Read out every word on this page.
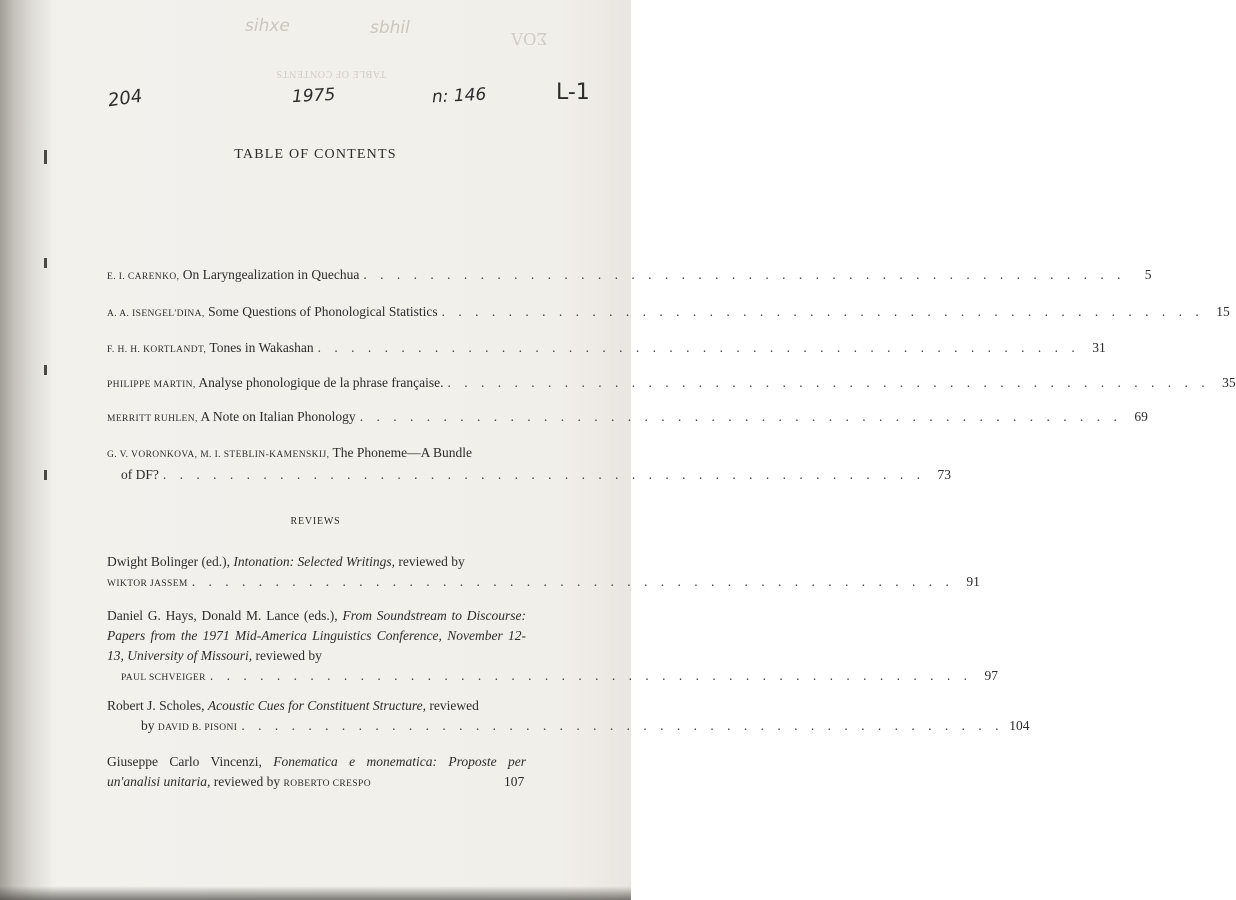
ΣΟΛ
TABLE OF CONTENTS
sihxe	sbhil
204	1975	n: 146	L-1
TABLE OF CONTENTS
E. I. CARENKO, On Laryngealization in Quechua . . .	5
A. A. ISENGEL'DINA, Some Questions of Phonological Statistics . . .	15
F. H. H. KORTLANDT, Tones in Wakashan . . .	31
PHILIPPE MARTIN, Analyse phonologique de la phrase française. . . .	35
MERRITT RUHLEN, A Note on Italian Phonology . . .	69
G. V. VORONKOVA, M. I. STEBLIN-KAMENSKIJ, The Phoneme—A Bundle
of DF? . . .	73
REVIEWS
Dwight Bolinger (ed.), Intonation: Selected Writings, reviewed by
WIKTOR JASSEM . . .	91
Daniel G. Hays, Donald M. Lance (eds.), From Soundstream to Discourse: Papers from the 1971 Mid-America Linguistics Conference, November 12-13, University of Missouri, reviewed by
PAUL SCHVEIGER . . .	97
Robert J. Scholes, Acoustic Cues for Constituent Structure, reviewed
by DAVID B. PISONI . . .	104
Giuseppe Carlo Vincenzi, Fonematica e monematica: Proposte per un'analisi unitaria, reviewed by ROBERTO CRESPO	107
